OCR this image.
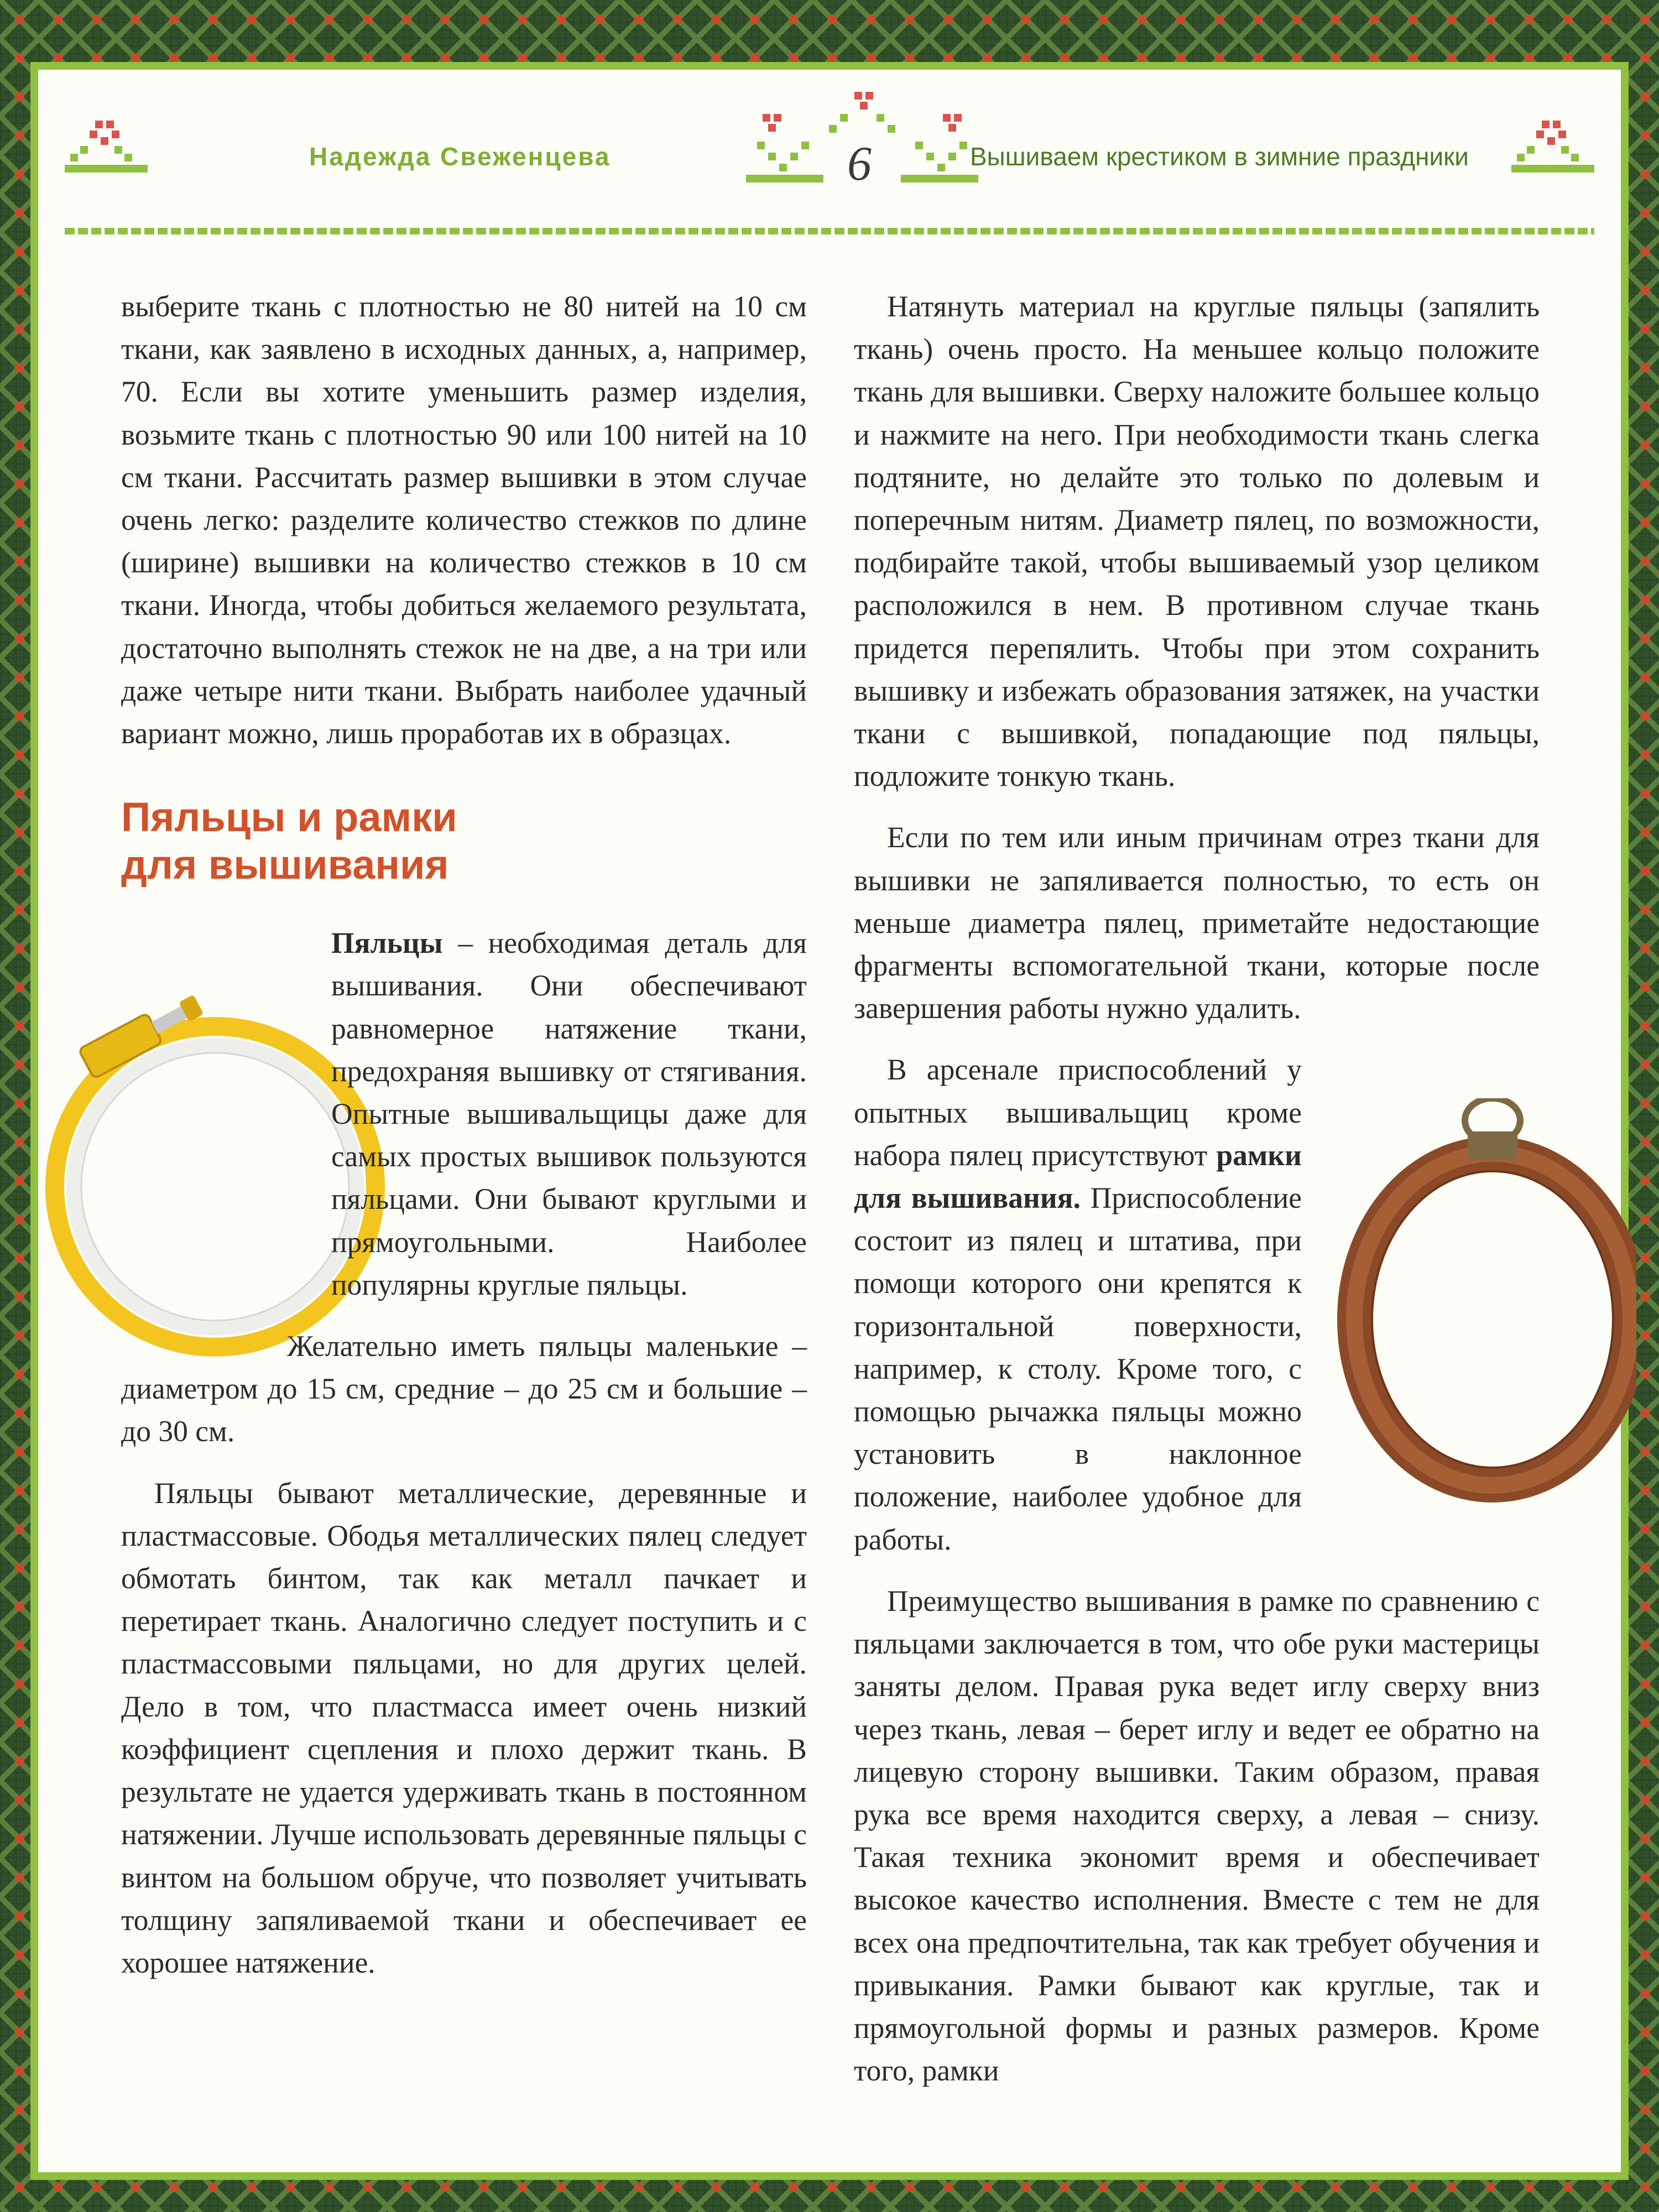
Надежда Свеженцева	6	Вышиваем крестиком в зимние праздники

выберите ткань с плотностью не 80 нитей на 10 см ткани, как заявлено в исходных данных, а, например, 70. Если вы хотите уменьшить размер изделия, возьмите ткань с плотностью 90 или 100 нитей на 10 см ткани. Рассчитать размер вышивки в этом случае очень легко: разделите количество стежков по длине (ширине) вышивки на количество стежков в 10 см ткани. Иногда, чтобы добиться желаемого результата, достаточно выполнять стежок не на две, а на три или даже четыре нити ткани. Выбрать наиболее удачный вариант можно, лишь проработав их в образцах.

Пяльцы и рамки
для вышивания

Пяльцы – необходимая деталь для вышивания. Они обеспечивают равномерное натяжение ткани, предохраняя вышивку от стягивания. Опытные вышивальщицы даже для самых простых вышивок пользуются пяльцами. Они бывают круглыми и прямоугольными. Наиболее популярны круглые пяльцы.

Желательно иметь пяльцы маленькие – диаметром до 15 см, средние – до 25 см и большие – до 30 см.

Пяльцы бывают металлические, деревянные и пластмассовые. Ободья металлических пялец следует обмотать бинтом, так как металл пачкает и перетирает ткань. Аналогично следует поступить и с пластмассовыми пяльцами, но для других целей. Дело в том, что пластмасса имеет очень низкий коэффициент сцепления и плохо держит ткань. В результате не удается удерживать ткань в постоянном натяжении. Лучше использовать деревянные пяльцы с винтом на большом обруче, что позволяет учитывать толщину запяливаемой ткани и обеспечивает ее хорошее натяжение.

Натянуть материал на круглые пяльцы (запялить ткань) очень просто. На меньшее кольцо положите ткань для вышивки. Сверху наложите большее кольцо и нажмите на него. При необходимости ткань слегка подтяните, но делайте это только по долевым и поперечным нитям. Диаметр пялец, по возможности, подбирайте такой, чтобы вышиваемый узор целиком расположился в нем. В противном случае ткань придется перепялить. Чтобы при этом сохранить вышивку и избежать образования затяжек, на участки ткани с вышивкой, попадающие под пяльцы, подложите тонкую ткань.

Если по тем или иным причинам отрез ткани для вышивки не запяливается полностью, то есть он меньше диаметра пялец, приметайте недостающие фрагменты вспомогательной ткани, которые после завершения работы нужно удалить.

В арсенале приспособлений у опытных вышивальщиц кроме набора пялец присутствуют рамки для вышивания. Приспособление состоит из пялец и штатива, при помощи которого они крепятся к горизонтальной поверхности, например, к столу. Кроме того, с помощью рычажка пяльцы можно установить в наклонное положение, наиболее удобное для работы.

Преимущество вышивания в рамке по сравнению с пяльцами заключается в том, что обе руки мастерицы заняты делом. Правая рука ведет иглу сверху вниз через ткань, левая – берет иглу и ведет ее обратно на лицевую сторону вышивки. Таким образом, правая рука все время находится сверху, а левая – снизу. Такая техника экономит время и обеспечивает высокое качество исполнения. Вместе с тем не для всех она предпочтительна, так как требует обучения и привыкания. Рамки бывают как круглые, так и прямоугольной формы и разных размеров. Кроме того, рамки
